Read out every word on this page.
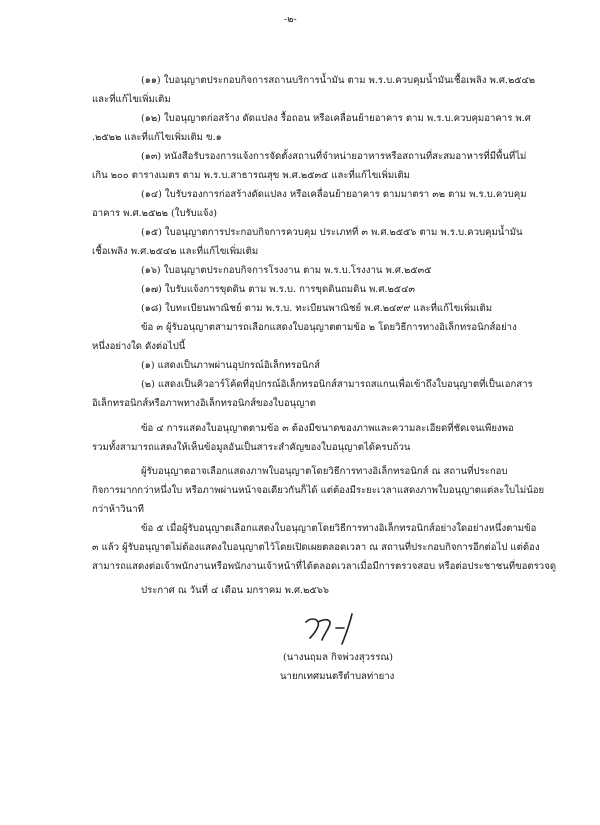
-๒-
(๑๑) ใบอนุญาตประกอบกิจการสถานบริการน้ำมัน ตาม พ.ร.บ.ควบคุมน้ำมันเชื้อเพลิง พ.ศ.๒๕๔๒
และที่แก้ไขเพิ่มเติม
(๑๒) ใบอนุญาตก่อสร้าง ดัดแปลง รื้อถอน หรือเคลื่อนย้ายอาคาร ตาม พ.ร.บ.ควบคุมอาคาร พ.ศ
.๒๕๒๒ และที่แก้ไขเพิ่มเติม ข.๑
(๑๓) หนังสือรับรองการแจ้งการจัดตั้งสถานที่จำหน่ายอาหารหรือสถานที่สะสมอาหารที่มีพื้นที่ไม่
เกิน ๒๐๐ ตารางเมตร ตาม พ.ร.บ.สาธารณสุข พ.ศ.๒๕๓๕ และที่แก้ไขเพิ่มเติม
(๑๔) ใบรับรองการก่อสร้างดัดแปลง หรือเคลื่อนย้ายอาคาร ตามมาตรา ๓๒ ตาม พ.ร.บ.ควบคุม
อาคาร พ.ศ.๒๕๒๒ (ใบรับแจ้ง)
(๑๕) ใบอนุญาตการประกอบกิจการควบคุม ประเภทที่ ๓ พ.ศ.๒๕๕๖ ตาม พ.ร.บ.ควบคุมน้ำมัน
เชื้อเพลิง พ.ศ.๒๕๔๒ และที่แก้ไขเพิ่มเติม
(๑๖) ใบอนุญาตประกอบกิจการโรงงาน ตาม พ.ร.บ.โรงงาน พ.ศ.๒๕๓๕
(๑๗) ใบรับแจ้งการขุดดิน ตาม พ.ร.บ. การขุดดินถมดิน พ.ศ.๒๕๔๓
(๑๘) ใบทะเบียนพาณิชย์ ตาม พ.ร.บ. ทะเบียนพาณิชย์ พ.ศ.๒๔๙๙ และที่แก้ไขเพิ่มเติม
ข้อ ๓ ผู้รับอนุญาตสามารถเลือกแสดงใบอนุญาตตามข้อ ๒ โดยวิธีการทางอิเล็กทรอนิกส์อย่าง
หนึ่งอย่างใด ดังต่อไปนี้
(๑) แสดงเป็นภาพผ่านอุปกรณ์อิเล็กทรอนิกส์
(๒) แสดงเป็นคิวอาร์โค้ดที่อุปกรณ์อิเล็กทรอนิกส์สามารถสแกนเพื่อเข้าถึงใบอนุญาตที่เป็นเอกสาร
อิเล็กทรอนิกส์หรือภาพทางอิเล็กทรอนิกส์ของใบอนุญาต
ข้อ ๔ การแสดงใบอนุญาตตามข้อ ๓ ต้องมีขนาดของภาพและความละเอียดที่ชัดเจนเพียงพอ
รวมทั้งสามารถแสดงให้เห็นข้อมูลอันเป็นสาระสำคัญของใบอนุญาตได้ครบถ้วน
ผู้รับอนุญาตอาจเลือกแสดงภาพใบอนุญาตโดยวิธีการทางอิเล็กทรอนิกส์ ณ สถานที่ประกอบ
กิจการมากกว่าหนึ่งใบ หรือภาพผ่านหน้าจอเดียวกันก็ได้ แต่ต้องมีระยะเวลาแสดงภาพใบอนุญาตแต่ละใบไม่น้อย
กว่าห้าวินาที
ข้อ ๕ เมื่อผู้รับอนุญาตเลือกแสดงใบอนุญาตโดยวิธีการทางอิเล็กทรอนิกส์อย่างใดอย่างหนึ่งตามข้อ
๓ แล้ว ผู้รับอนุญาตไม่ต้องแสดงใบอนุญาตไว้โดยเปิดเผยตลอดเวลา ณ สถานที่ประกอบกิจการอีกต่อไป แต่ต้อง
สามารถแสดงต่อเจ้าพนักงานหรือพนักงานเจ้าหน้าที่ได้ตลอดเวลาเมื่อมีการตรวจสอบ หรือต่อประชาชนที่ขอตรวจดู
ประกาศ ณ วันที่ ๔ เดือน มกราคม พ.ศ.๒๕๖๖
(นางนฤมล กิจพ่วงสุวรรณ)
นายกเทศมนตรีตำบลท่ายาง
